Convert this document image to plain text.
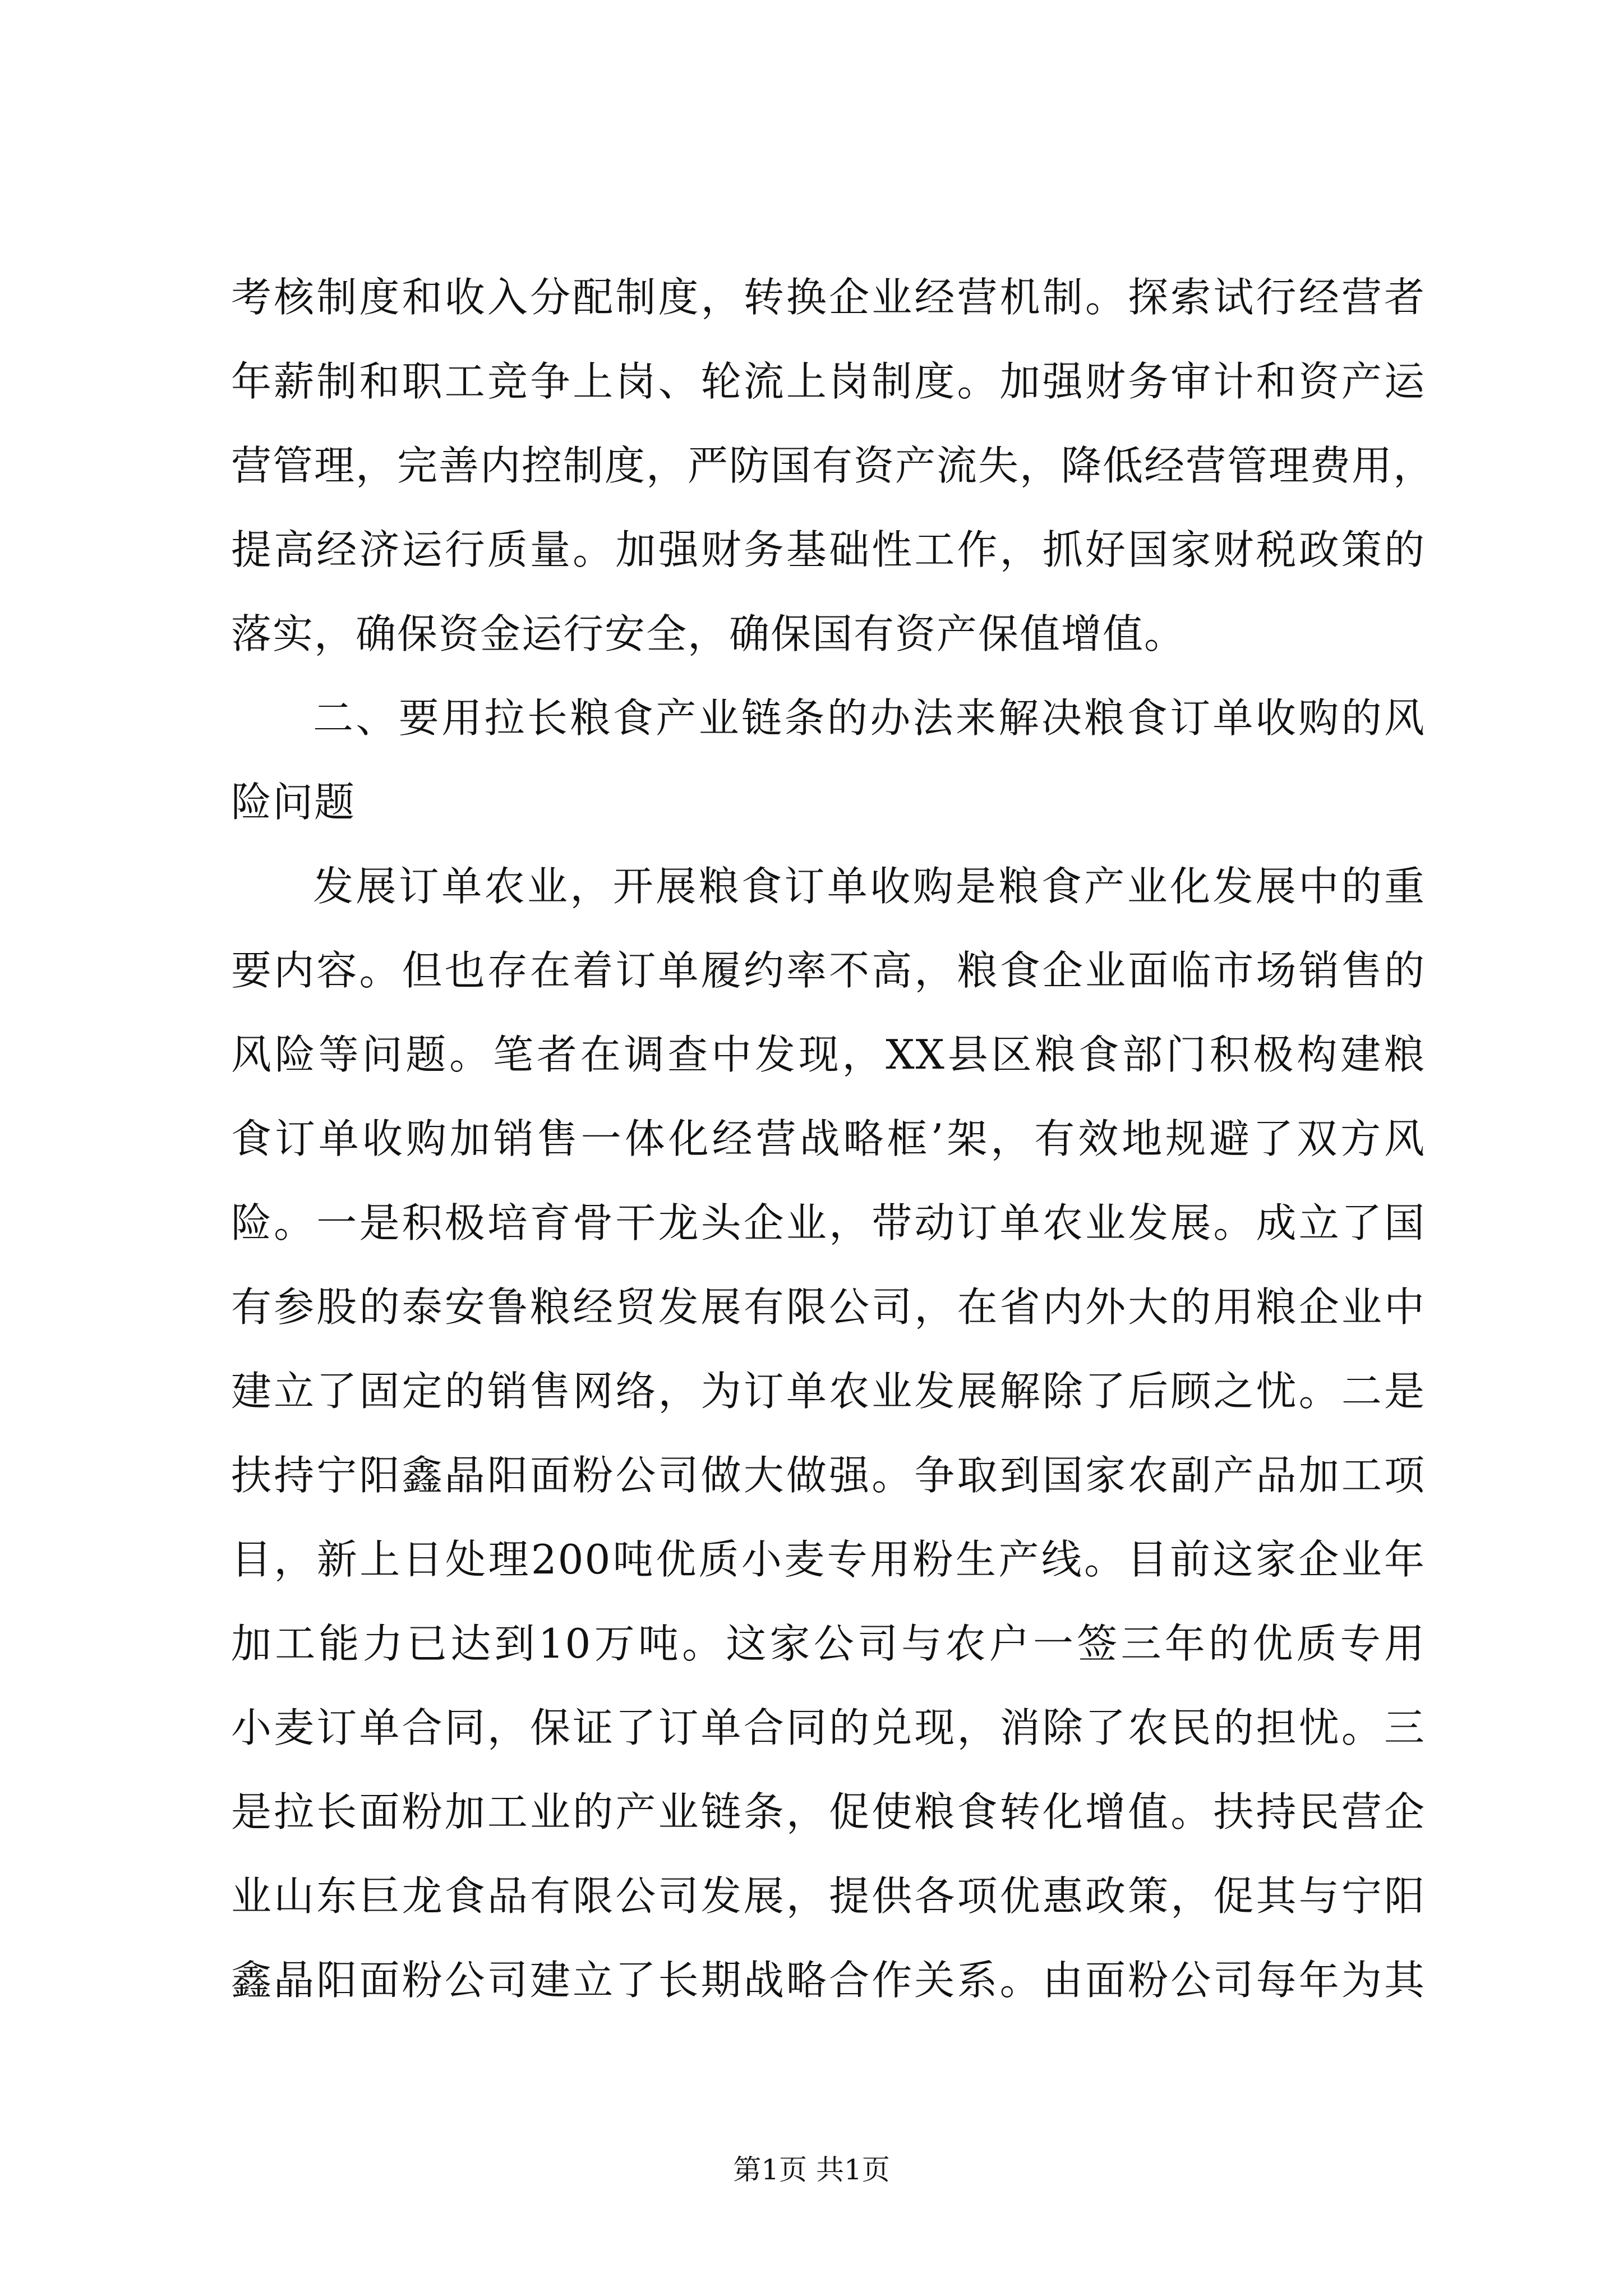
考核制度和收入分配制度，转换企业经营机制。探索试行经营者
年薪制和职工竞争上岗、轮流上岗制度。加强财务审计和资产运
营管理，完善内控制度，严防国有资产流失，降低经营管理费用，
提高经济运行质量。加强财务基础性工作，抓好国家财税政策的
落实，确保资金运行安全，确保国有资产保值增值。
二、要用拉长粮食产业链条的办法来解决粮食订单收购的风
险问题
发展订单农业，开展粮食订单收购是粮食产业化发展中的重
要内容。但也存在着订单履约率不高，粮食企业面临市场销售的
风险等问题。笔者在调查中发现，XX县区粮食部门积极构建粮
食订单收购加销售一体化经营战略框’架，有效地规避了双方风
险。一是积极培育骨干龙头企业，带动订单农业发展。成立了国
有参股的泰安鲁粮经贸发展有限公司，在省内外大的用粮企业中
建立了固定的销售网络，为订单农业发展解除了后顾之忧。二是
扶持宁阳鑫晶阳面粉公司做大做强。争取到国家农副产品加工项
目，新上日处理200吨优质小麦专用粉生产线。目前这家企业年
加工能力已达到10万吨。这家公司与农户一签三年的优质专用
小麦订单合同，保证了订单合同的兑现，消除了农民的担忧。三
是拉长面粉加工业的产业链条，促使粮食转化增值。扶持民营企
业山东巨龙食品有限公司发展，提供各项优惠政策，促其与宁阳
鑫晶阳面粉公司建立了长期战略合作关系。由面粉公司每年为其
第1页 共1页
